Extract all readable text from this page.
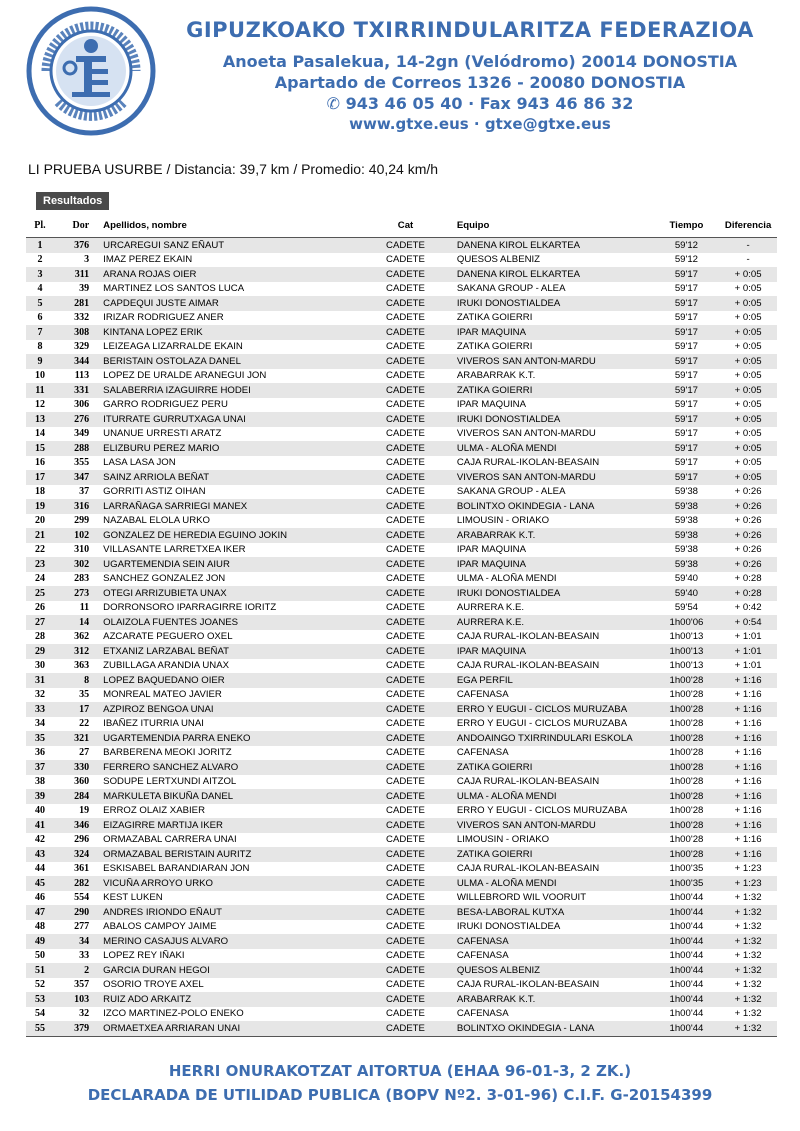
GIPUZKOAKO TXIRRINDULARITZA FEDERAZIOA
Anoeta Pasalekua, 14-2gn (Velódromo) 20014 DONOSTIA
Apartado de Correos 1326 - 20080 DONOSTIA
✆ 943 46 05 40 · Fax 943 46 86 32
www.gtxe.eus · gtxe@gtxe.eus
LI PRUEBA USURBE / Distancia: 39,7 km / Promedio: 40,24 km/h
Resultados
Pl.	Dor	Apellidos, nombre	Cat	Equipo	Tiempo	Diferencia
1	376	URCAREGUI SANZ EÑAUT	CADETE	DANENA KIROL ELKARTEA	59'12	-
2	3	IMAZ PEREZ EKAIN	CADETE	QUESOS ALBENIZ	59'12	-
3	311	ARANA ROJAS OIER	CADETE	DANENA KIROL ELKARTEA	59'17	+ 0:05
4	39	MARTINEZ LOS SANTOS LUCA	CADETE	SAKANA GROUP - ALEA	59'17	+ 0:05
5	281	CAPDEQUI JUSTE AIMAR	CADETE	IRUKI DONOSTIALDEA	59'17	+ 0:05
6	332	IRIZAR RODRIGUEZ ANER	CADETE	ZATIKA GOIERRI	59'17	+ 0:05
7	308	KINTANA LOPEZ ERIK	CADETE	IPAR MAQUINA	59'17	+ 0:05
8	329	LEIZEAGA LIZARRALDE EKAIN	CADETE	ZATIKA GOIERRI	59'17	+ 0:05
9	344	BERISTAIN OSTOLAZA DANEL	CADETE	VIVEROS SAN ANTON-MARDU	59'17	+ 0:05
10	113	LOPEZ DE URALDE ARANEGUI JON	CADETE	ARABARRAK K.T.	59'17	+ 0:05
11	331	SALABERRIA IZAGUIRRE HODEI	CADETE	ZATIKA GOIERRI	59'17	+ 0:05
12	306	GARRO RODRIGUEZ PERU	CADETE	IPAR MAQUINA	59'17	+ 0:05
13	276	ITURRATE GURRUTXAGA UNAI	CADETE	IRUKI DONOSTIALDEA	59'17	+ 0:05
14	349	UNANUE URRESTI ARATZ	CADETE	VIVEROS SAN ANTON-MARDU	59'17	+ 0:05
15	288	ELIZBURU PEREZ MARIO	CADETE	ULMA - ALOÑA MENDI	59'17	+ 0:05
16	355	LASA LASA JON	CADETE	CAJA RURAL-IKOLAN-BEASAIN	59'17	+ 0:05
17	347	SAINZ ARRIOLA BEÑAT	CADETE	VIVEROS SAN ANTON-MARDU	59'17	+ 0:05
18	37	GORRITI ASTIZ OIHAN	CADETE	SAKANA GROUP - ALEA	59'38	+ 0:26
19	316	LARRAÑAGA SARRIEGI MANEX	CADETE	BOLINTXO OKINDEGIA - LANA	59'38	+ 0:26
20	299	NAZABAL ELOLA URKO	CADETE	LIMOUSIN - ORIAKO	59'38	+ 0:26
21	102	GONZALEZ DE HEREDIA EGUINO JOKIN	CADETE	ARABARRAK K.T.	59'38	+ 0:26
22	310	VILLASANTE LARRETXEA IKER	CADETE	IPAR MAQUINA	59'38	+ 0:26
23	302	UGARTEMENDIA SEIN AIUR	CADETE	IPAR MAQUINA	59'38	+ 0:26
24	283	SANCHEZ GONZALEZ JON	CADETE	ULMA - ALOÑA MENDI	59'40	+ 0:28
25	273	OTEGI ARRIZUBIETA UNAX	CADETE	IRUKI DONOSTIALDEA	59'40	+ 0:28
26	11	DORRONSORO IPARRAGIRRE IORITZ	CADETE	AURRERA K.E.	59'54	+ 0:42
27	14	OLAIZOLA FUENTES JOANES	CADETE	AURRERA K.E.	1h00'06	+ 0:54
28	362	AZCARATE PEGUERO OXEL	CADETE	CAJA RURAL-IKOLAN-BEASAIN	1h00'13	+ 1:01
29	312	ETXANIZ LARZABAL BEÑAT	CADETE	IPAR MAQUINA	1h00'13	+ 1:01
30	363	ZUBILLAGA ARANDIA UNAX	CADETE	CAJA RURAL-IKOLAN-BEASAIN	1h00'13	+ 1:01
31	8	LOPEZ BAQUEDANO OIER	CADETE	EGA PERFIL	1h00'28	+ 1:16
32	35	MONREAL MATEO JAVIER	CADETE	CAFENASA	1h00'28	+ 1:16
33	17	AZPIROZ BENGOA UNAI	CADETE	ERRO Y EUGUI - CICLOS MURUZABA	1h00'28	+ 1:16
34	22	IBAÑEZ ITURRIA UNAI	CADETE	ERRO Y EUGUI - CICLOS MURUZABA	1h00'28	+ 1:16
35	321	UGARTEMENDIA PARRA ENEKO	CADETE	ANDOAINGO TXIRRINDULARI ESKOLA	1h00'28	+ 1:16
36	27	BARBERENA MEOKI JORITZ	CADETE	CAFENASA	1h00'28	+ 1:16
37	330	FERRERO SANCHEZ ALVARO	CADETE	ZATIKA GOIERRI	1h00'28	+ 1:16
38	360	SODUPE LERTXUNDI AITZOL	CADETE	CAJA RURAL-IKOLAN-BEASAIN	1h00'28	+ 1:16
39	284	MARKULETA BIKUÑA DANEL	CADETE	ULMA - ALOÑA MENDI	1h00'28	+ 1:16
40	19	ERROZ OLAIZ XABIER	CADETE	ERRO Y EUGUI - CICLOS MURUZABA	1h00'28	+ 1:16
41	346	EIZAGIRRE MARTIJA IKER	CADETE	VIVEROS SAN ANTON-MARDU	1h00'28	+ 1:16
42	296	ORMAZABAL CARRERA UNAI	CADETE	LIMOUSIN - ORIAKO	1h00'28	+ 1:16
43	324	ORMAZABAL BERISTAIN AURITZ	CADETE	ZATIKA GOIERRI	1h00'28	+ 1:16
44	361	ESKISABEL BARANDIARAN JON	CADETE	CAJA RURAL-IKOLAN-BEASAIN	1h00'35	+ 1:23
45	282	VICUÑA ARROYO URKO	CADETE	ULMA - ALOÑA MENDI	1h00'35	+ 1:23
46	554	KEST LUKEN	CADETE	WILLEBRORD WIL VOORUIT	1h00'44	+ 1:32
47	290	ANDRES IRIONDO EÑAUT	CADETE	BESA-LABORAL KUTXA	1h00'44	+ 1:32
48	277	ABALOS CAMPOY JAIME	CADETE	IRUKI DONOSTIALDEA	1h00'44	+ 1:32
49	34	MERINO CASAJUS ALVARO	CADETE	CAFENASA	1h00'44	+ 1:32
50	33	LOPEZ REY IÑAKI	CADETE	CAFENASA	1h00'44	+ 1:32
51	2	GARCIA DURAN HEGOI	CADETE	QUESOS ALBENIZ	1h00'44	+ 1:32
52	357	OSORIO TROYE AXEL	CADETE	CAJA RURAL-IKOLAN-BEASAIN	1h00'44	+ 1:32
53	103	RUIZ ADO ARKAITZ	CADETE	ARABARRAK K.T.	1h00'44	+ 1:32
54	32	IZCO MARTINEZ-POLO ENEKO	CADETE	CAFENASA	1h00'44	+ 1:32
55	379	ORMAETXEA ARRIARAN UNAI	CADETE	BOLINTXO OKINDEGIA - LANA	1h00'44	+ 1:32
HERRI ONURAKOTZAT AITORTUA (EHAA 96-01-3, 2 ZK.)
DECLARADA DE UTILIDAD PUBLICA (BOPV Nº2. 3-01-96) C.I.F. G-20154399
